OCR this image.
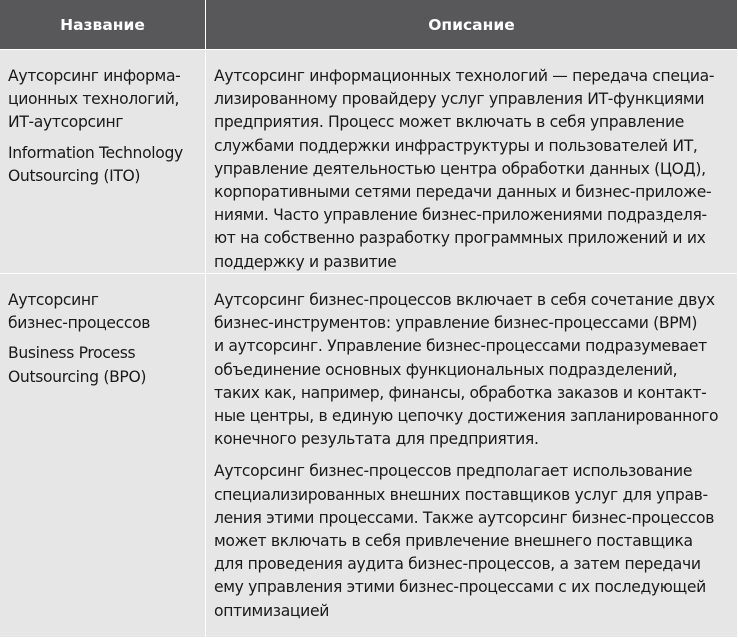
Название	Описание

Аутсорсинг информа-
ционных технологий,
ИТ-аутсорсинг

Information Technology
Outsourcing (ITO)

Аутсорсинг информационных технологий — передача специа-
лизированному провайдеру услуг управления ИТ-функциями
предприятия. Процесс может включать в себя управление
службами поддержки инфраструктуры и пользователей ИТ,
управление деятельностью центра обработки данных (ЦОД),
корпоративными сетями передачи данных и бизнес-приложе-
ниями. Часто управление бизнес-приложениями подразделя-
ют на собственно разработку программных приложений и их
поддержку и развитие

Аутсорсинг
бизнес-процессов

Business Process
Outsourcing (BPO)

Аутсорсинг бизнес-процессов включает в себя сочетание двух
бизнес-инструментов: управление бизнес-процессами (BPM)
и аутсорсинг. Управление бизнес-процессами подразумевает
объединение основных функциональных подразделений,
таких как, например, финансы, обработка заказов и контакт-
ные центры, в единую цепочку достижения запланированного
конечного результата для предприятия.

Аутсорсинг бизнес-процессов предполагает использование
специализированных внешних поставщиков услуг для управ-
ления этими процессами. Также аутсорсинг бизнес-процессов
может включать в себя привлечение внешнего поставщика
для проведения аудита бизнес-процессов, а затем передачи
ему управления этими бизнес-процессами с их последующей
оптимизацией
